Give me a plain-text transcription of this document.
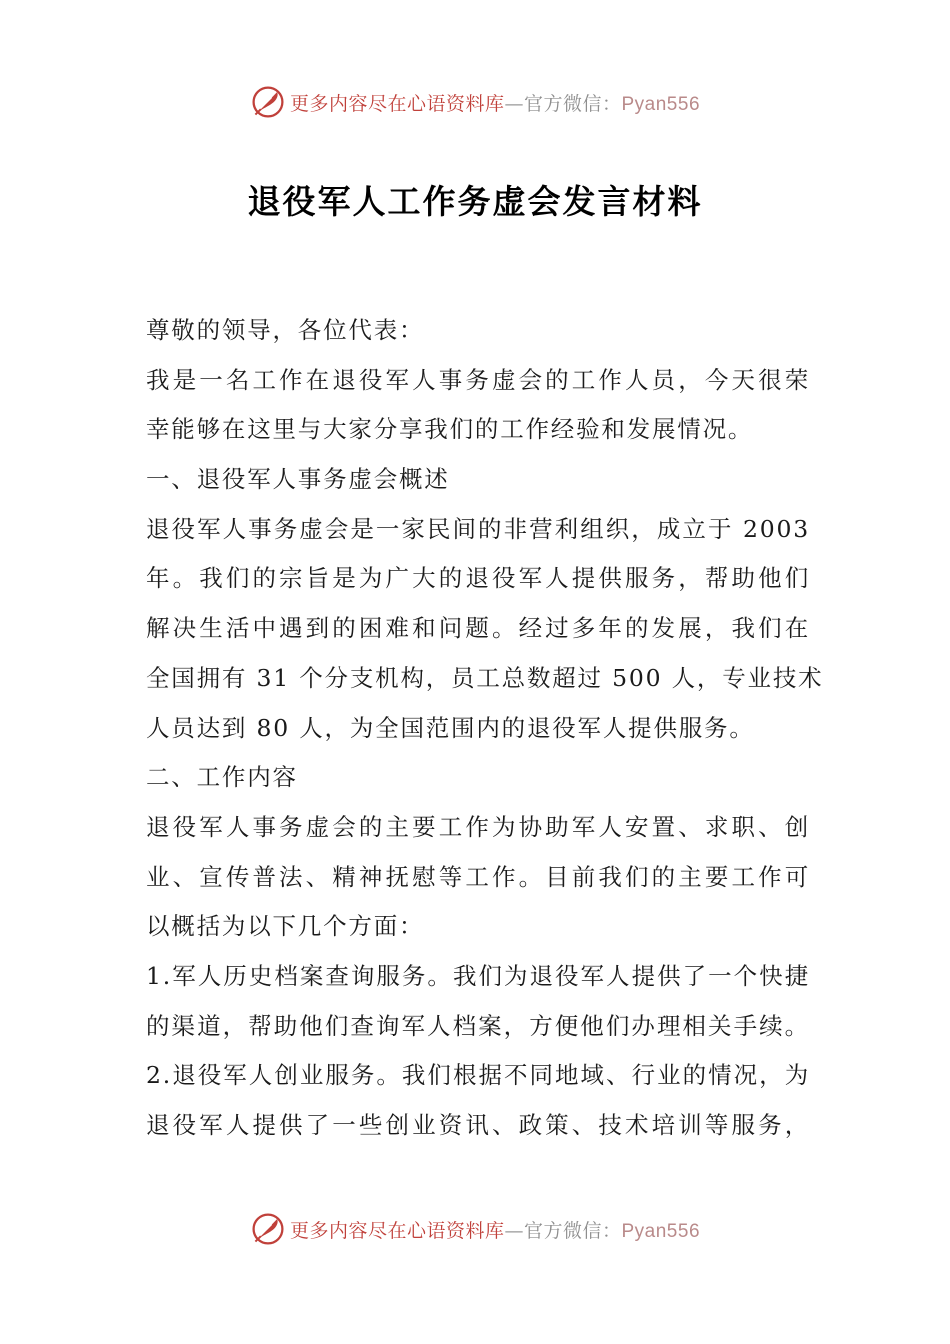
更多内容尽在心语资料库—官方微信：Pyan556
退役军人工作务虚会发言材料
尊敬的领导，各位代表：
我是一名工作在退役军人事务虚会的工作人员，今天很荣
幸能够在这里与大家分享我们的工作经验和发展情况。
一、退役军人事务虚会概述
退役军人事务虚会是一家民间的非营利组织，成立于 2003
年。我们的宗旨是为广大的退役军人提供服务，帮助他们
解决生活中遇到的困难和问题。经过多年的发展，我们在
全国拥有 31 个分支机构，员工总数超过 500 人，专业技术
人员达到 80 人，为全国范围内的退役军人提供服务。
二、工作内容
退役军人事务虚会的主要工作为协助军人安置、求职、创
业、宣传普法、精神抚慰等工作。目前我们的主要工作可
以概括为以下几个方面：
1.军人历史档案查询服务。我们为退役军人提供了一个快捷
的渠道，帮助他们查询军人档案，方便他们办理相关手续。
2.退役军人创业服务。我们根据不同地域、行业的情况，为
退役军人提供了一些创业资讯、政策、技术培训等服务，
更多内容尽在心语资料库—官方微信：Pyan556
